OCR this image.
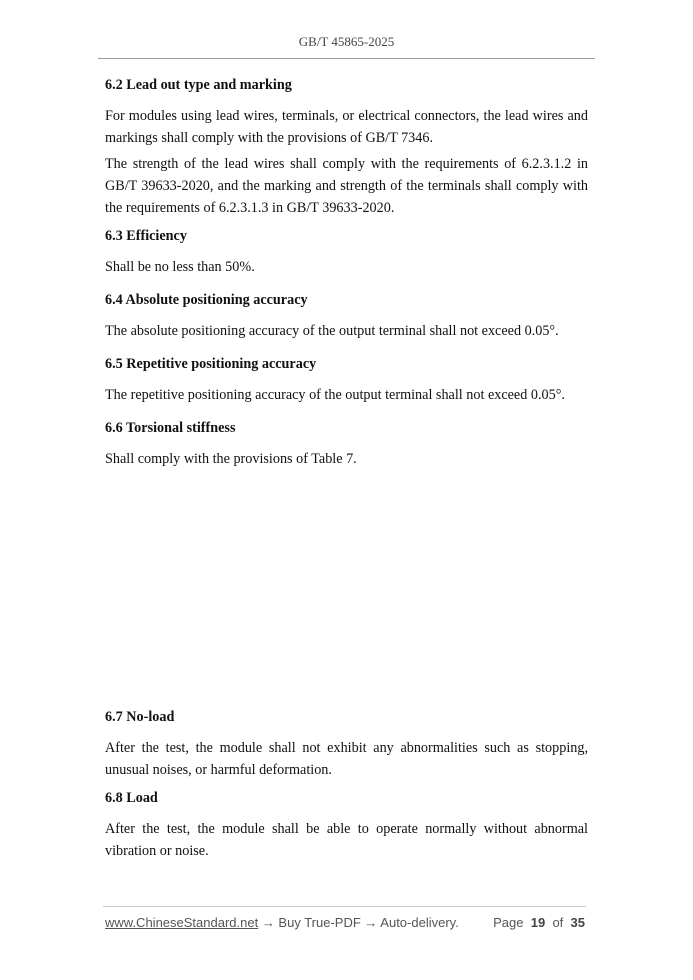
GB/T 45865-2025
6.2 Lead out type and marking
For modules using lead wires, terminals, or electrical connectors, the lead wires and markings shall comply with the provisions of GB/T 7346.
The strength of the lead wires shall comply with the requirements of 6.2.3.1.2 in GB/T 39633-2020, and the marking and strength of the terminals shall comply with the requirements of 6.2.3.1.3 in GB/T 39633-2020.
6.3 Efficiency
Shall be no less than 50%.
6.4 Absolute positioning accuracy
The absolute positioning accuracy of the output terminal shall not exceed 0.05°.
6.5 Repetitive positioning accuracy
The repetitive positioning accuracy of the output terminal shall not exceed 0.05°.
6.6 Torsional stiffness
Shall comply with the provisions of Table 7.
6.7 No-load
After the test, the module shall not exhibit any abnormalities such as stopping, unusual noises, or harmful deformation.
6.8 Load
After the test, the module shall be able to operate normally without abnormal vibration or noise.
www.ChineseStandard.net → Buy True-PDF → Auto-delivery.	Page 19 of 35
